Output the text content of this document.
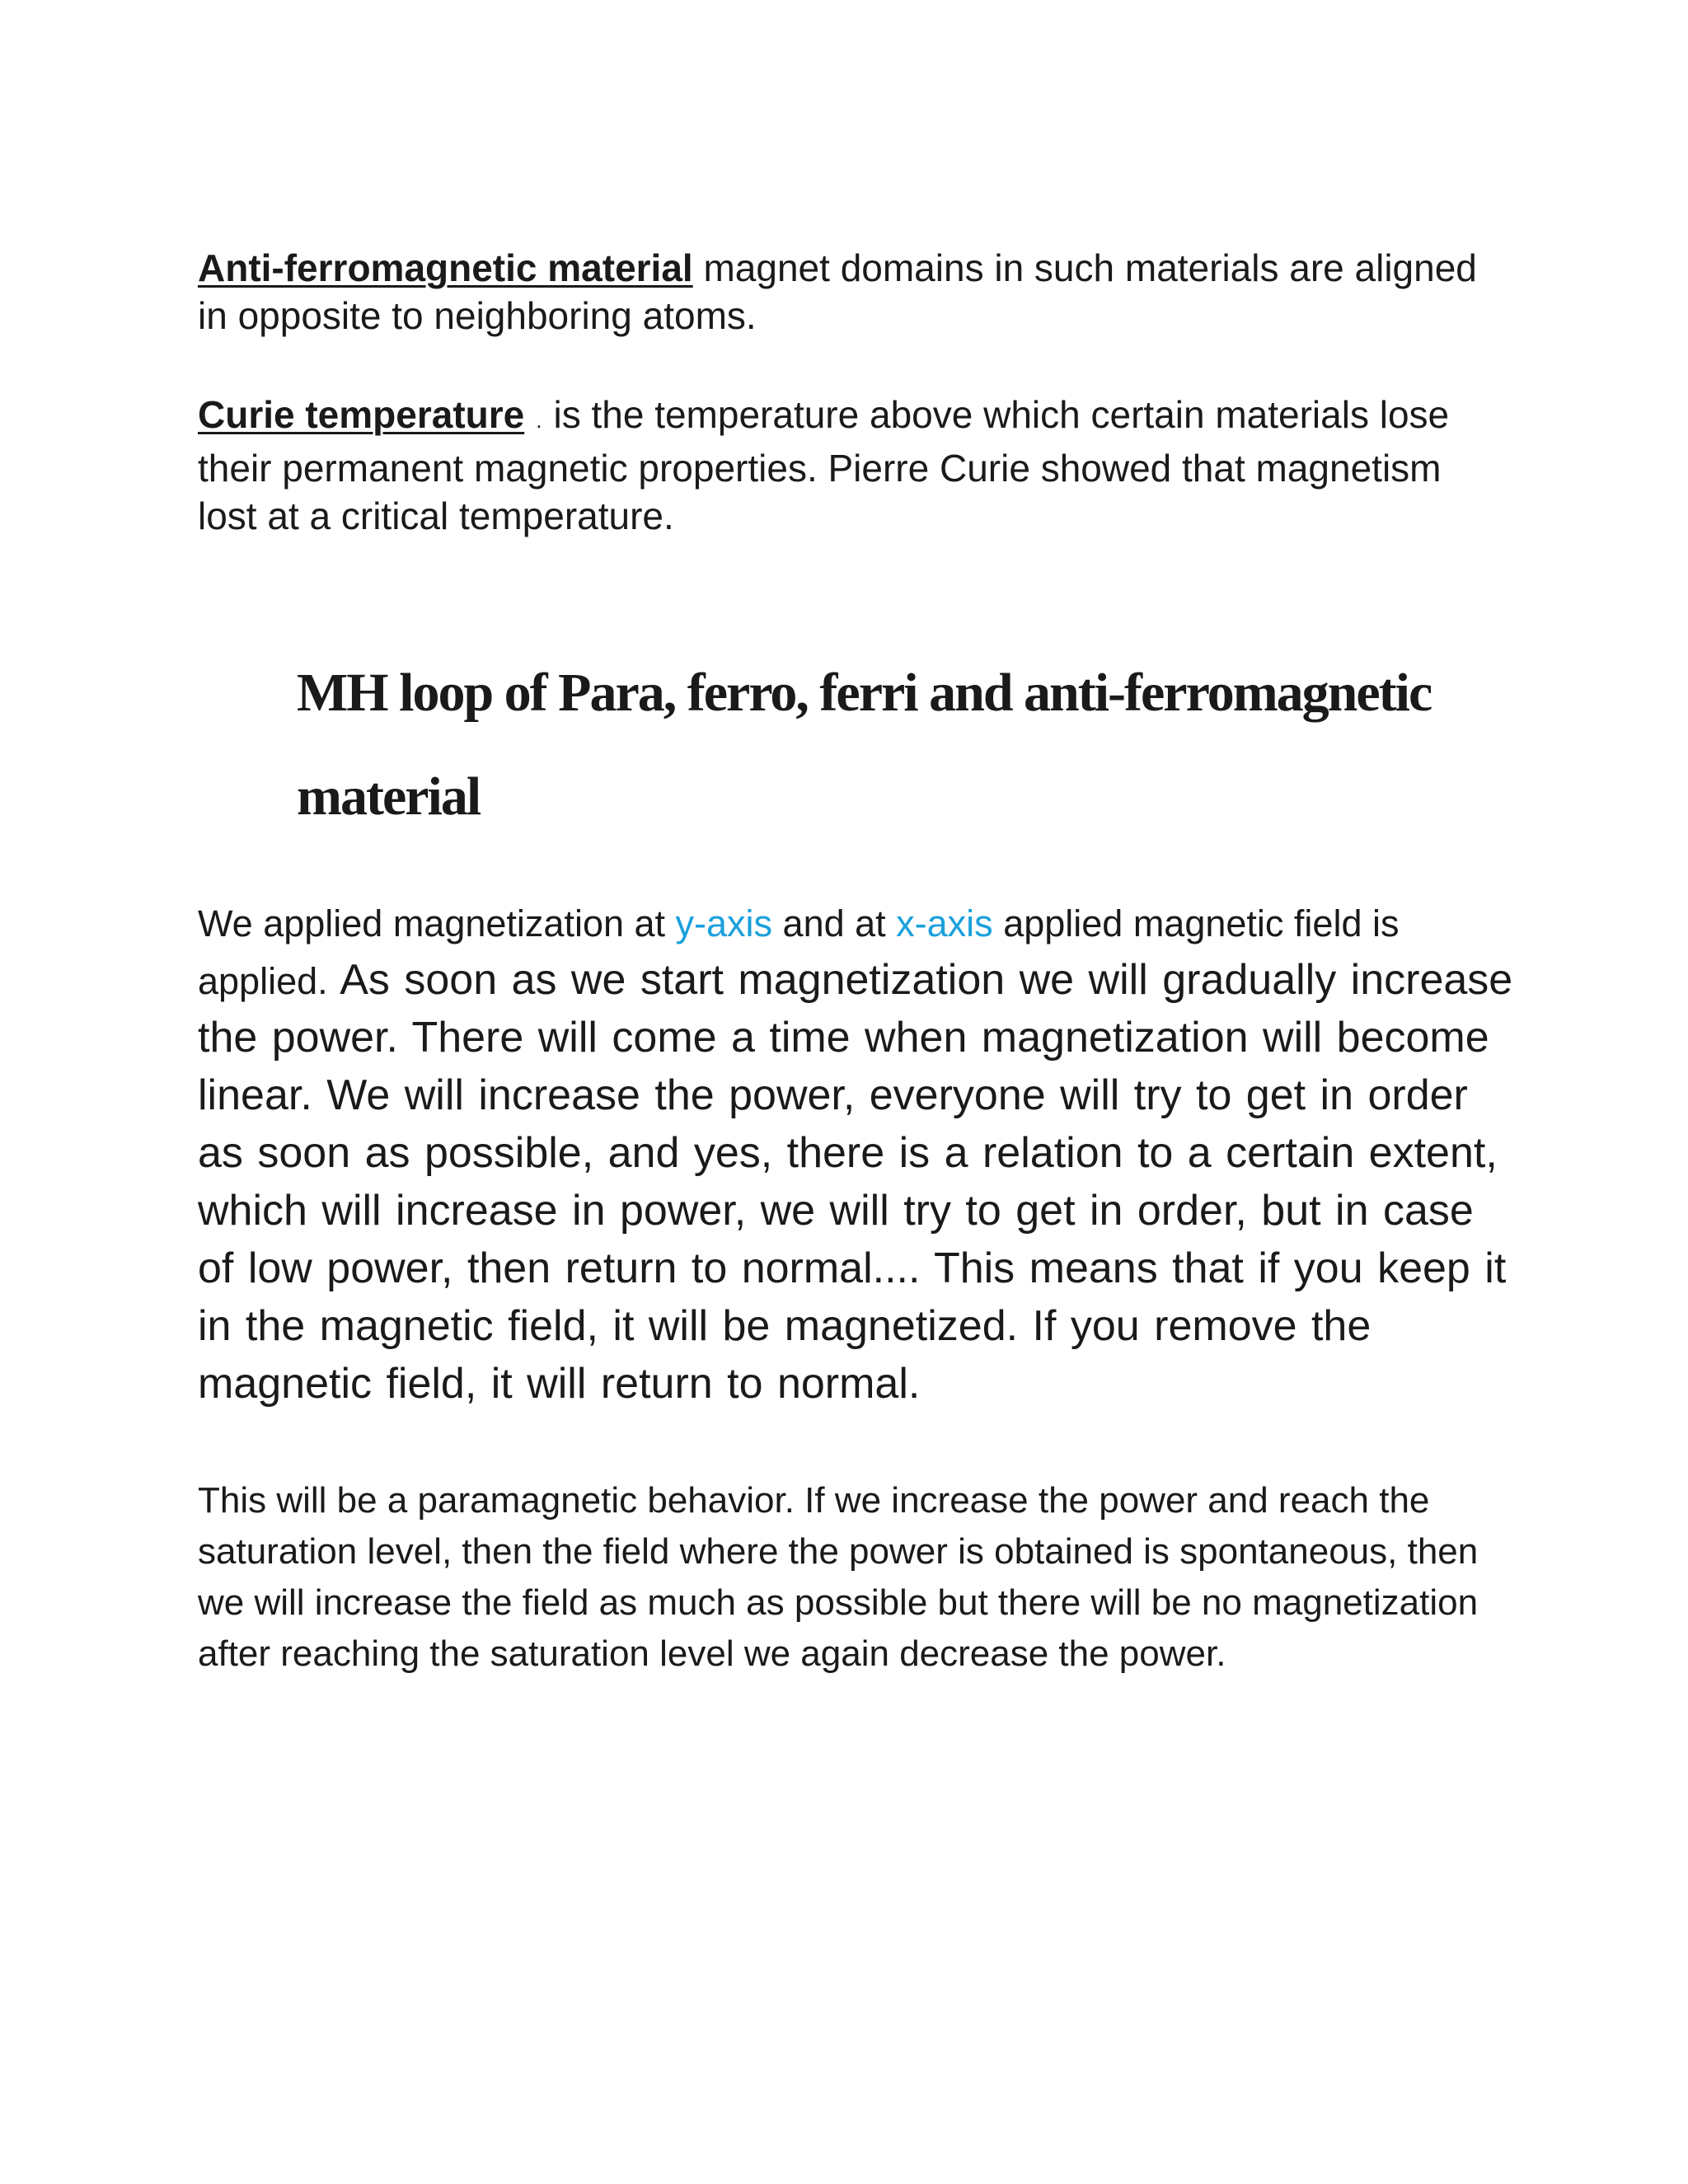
Anti-ferromagnetic material magnet domains in such materials are aligned in opposite to neighboring atoms.

Curie temperature . is the temperature above which certain materials lose their permanent magnetic properties. Pierre Curie showed that magnetism lost at a critical temperature.

MH loop of Para, ferro, ferri and anti-ferromagnetic material

We applied magnetization at y-axis and at x-axis applied magnetic field is applied. As soon as we start magnetization we will gradually increase the power. There will come a time when magnetization will become linear. We will increase the power, everyone will try to get in order as soon as possible, and yes, there is a relation to a certain extent, which will increase in power, we will try to get in order, but in case of low power, then return to normal.... This means that if you keep it in the magnetic field, it will be magnetized. If you remove the magnetic field, it will return to normal.

This will be a paramagnetic behavior. If we increase the power and reach the saturation level, then the field where the power is obtained is spontaneous, then we will increase the field as much as possible but there will be no magnetization after reaching the saturation level we again decrease the power.
